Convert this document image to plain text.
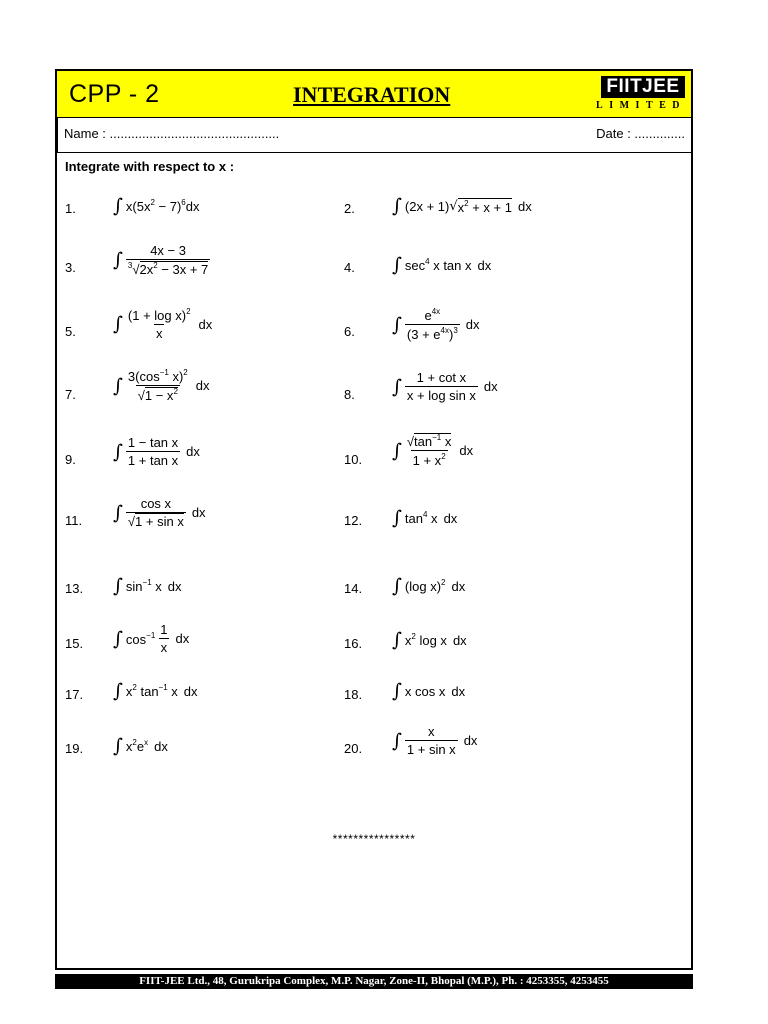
CPP - 2	INTEGRATION	FIITJEE
LIMITED
Name : ...............................................	Date : ..............
Integrate with respect to x :
1. ∫ $x(5x^2 - 7)^6dx$	2. ∫ (2x + 1) √ $x^2 + x + 1$ dx
3. ∫ $\frac{4x - 3}{^3√2x^2 - 3x + 7}$	4. ∫ $\sec^4 x$ tan x dx
5. ∫ $\frac{(1 + \log x)^2}{x}$ dx	6. ∫ $\frac{e^{4x}}{(3 + e^{4x})^3}$ dx
7. ∫ $\frac{3(\cos^{-1} x)^2}{√1 - x^2}$ dx
8. ∫ $\frac{\text{1 + cot x}}{\text{x + log sin x}}$ dx
9. ∫ $\frac{\text{1 − tan x}}{\text{1 + tan x}}$ dx
10. ∫ $\frac{√\tan^{-1} x}{1 + x^2}$ dx
11. ∫ $\frac{\text{cos x}}{\text{√1 + sin x}}$ dx
12. ∫ $\tan^4 x$ dx
13. ∫ $\sin^{-1} x$ dx	14. ∫ (log x)$^2$ dx
15. ∫ $\cos^{-1} \frac{1}{x}$ dx	16. ∫ $x^2$ log x dx
17. ∫ $x^2$ $\tan^{-1} x$ dx	18. ∫ x cos x dx
19. ∫ $x^2e^x$ dx	20. ∫ $\frac{x}{\text{1 + sin x}}$ dx
****************
FIIT-JEE Ltd., 48, Gurukripa Complex, M.P. Nagar, Zone-II, Bhopal (M.P.), Ph. : 4253355, 4253455
